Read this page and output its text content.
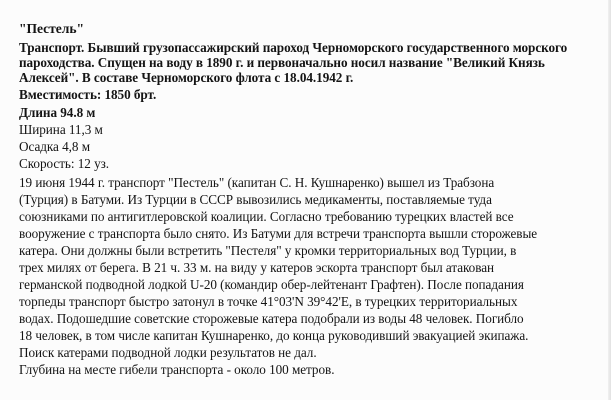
"Пестель"
Транспорт. Бывший грузопассажирский пароход Черноморского государственного морского
пароходства. Спущен на воду в 1890 г. и первоначально носил название "Великий Князь
Алексей". В составе Черноморского флота с 18.04.1942 г.
Вместимость: 1850 брт.
Длина 94.8 м
Ширина 11,3 м
Осадка 4,8 м
Скорость: 12 уз.
19 июня 1944 г. транспорт "Пестель" (капитан С. Н. Кушнаренко) вышел из Трабзона
(Турция) в Батуми. Из Турции в СССР вывозились медикаменты, поставляемые туда
союзниками по антигитлеровской коалиции. Согласно требованию турецких властей все
вооружение с транспорта было снято. Из Батуми для встречи транспорта вышли сторожевые
катера. Они должны были встретить "Пестеля" у кромки территориальных вод Турции, в
трех милях от берега. В 21 ч. 33 м. на виду у катеров эскорта транспорт был атакован
германской подводной лодкой U-20 (командир обер-лейтенант Графтен). После попадания
торпеды транспорт быстро затонул в точке 41°03'N 39°42'E, в турецких территориальных
водах. Подошедшие советские сторожевые катера подобрали из воды 48 человек. Погибло
18 человек, в том числе капитан Кушнаренко, до конца руководивший эвакуацией экипажа.
Поиск катерами подводной лодки результатов не дал.
Глубина на месте гибели транспорта - около 100 метров.
